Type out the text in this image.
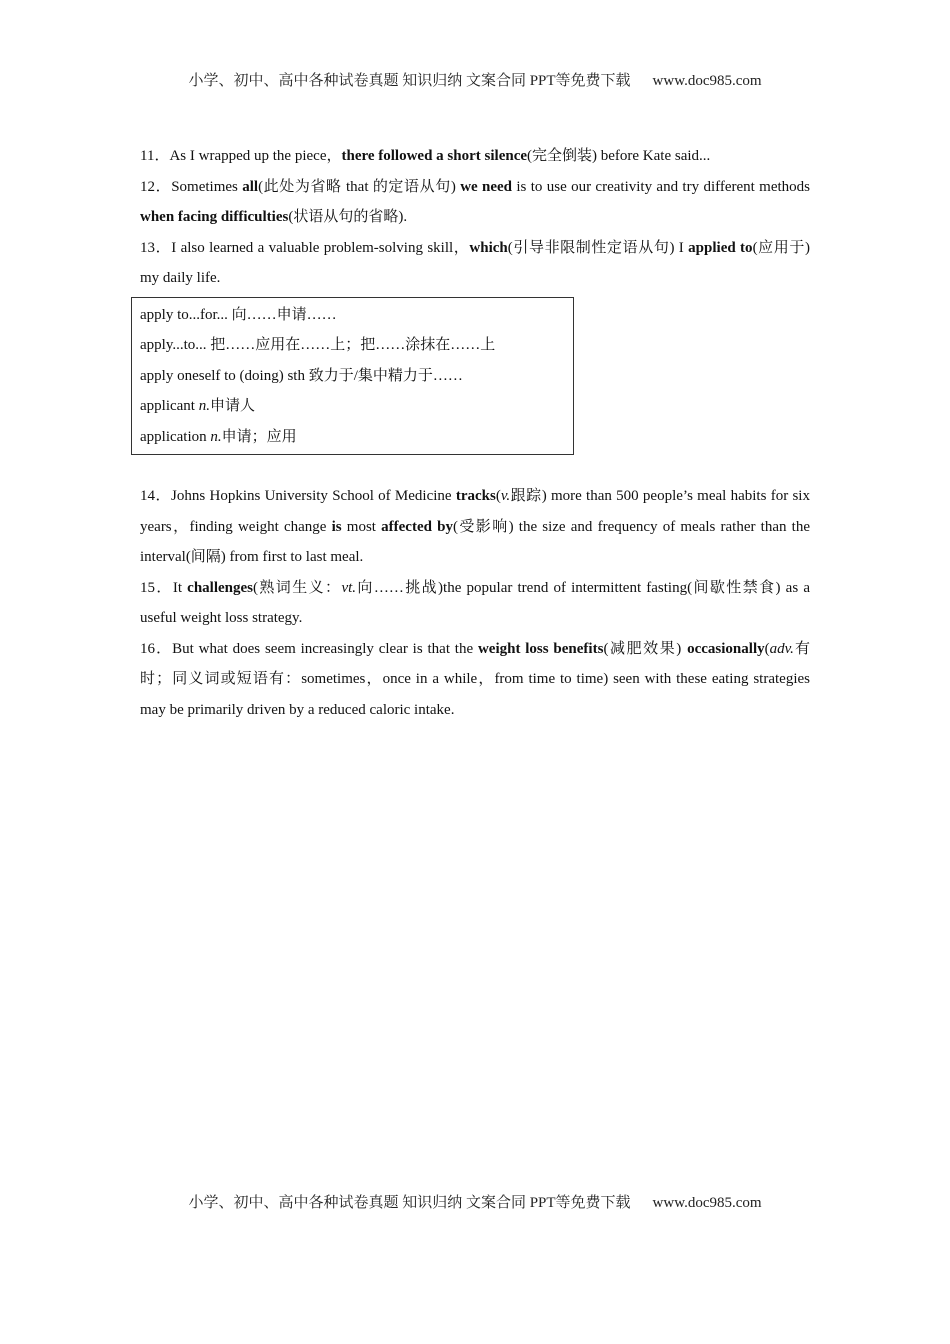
小学、初中、高中各种试卷真题 知识归纳 文案合同 PPT等免费下载 www.doc985.com

11．As I wrapped up the piece，there followed a short silence(完全倒装) before Kate said...

12．Sometimes all(此处为省略 that 的定语从句) we need is to use our creativity and try different methods when facing difficulties(状语从句的省略).

13．I also learned a valuable problem-solving skill，which(引导非限制性定语从句) I applied to(应用于) my daily life.

apply to...for... 向……申请……
apply...to... 把……应用在……上；把……涂抹在……上
apply oneself to (doing) sth 致力于/集中精力于……
applicant n.申请人
application n.申请；应用

14．Johns Hopkins University School of Medicine tracks(v.跟踪) more than 500 people’s meal habits for six years，finding weight change is most affected by(受影响) the size and frequency of meals rather than the interval(间隔) from first to last meal.

15．It challenges(熟词生义：vt.向……挑战)the popular trend of intermittent fasting(间歇性禁食) as a useful weight loss strategy.

16．But what does seem increasingly clear is that the weight loss benefits(减肥效果) occasionally(adv.有时；同义词或短语有：sometimes，once in a while，from time to time) seen with these eating strategies may be primarily driven by a reduced caloric intake.

小学、初中、高中各种试卷真题 知识归纳 文案合同 PPT等免费下载 www.doc985.com
